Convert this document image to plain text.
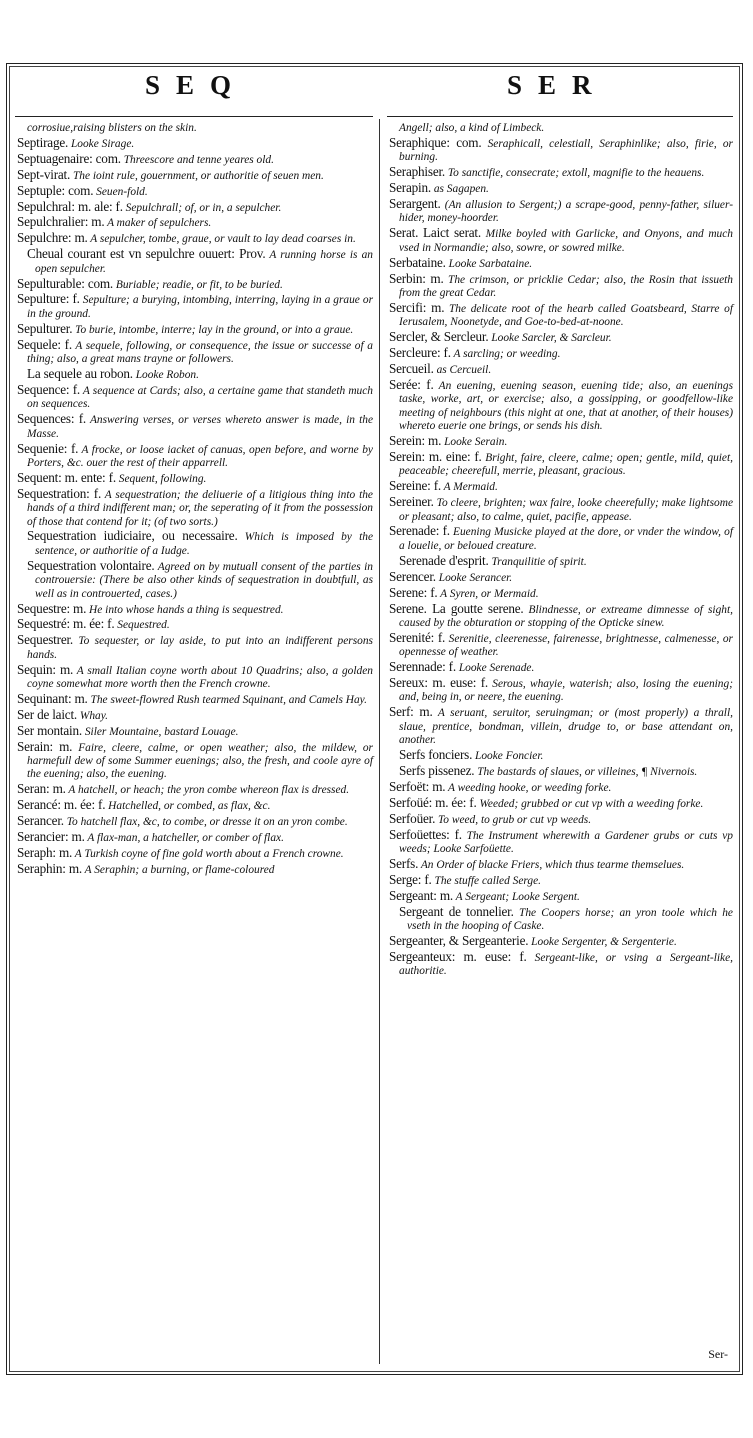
SEQ	SER

corrosiue,raising blisters on the skin.

Septirage. Looke Sirage.

Septuagenaire: com. Threescore and tenne yeares old.

Sept-virat. The ioint rule, gouernment, or authoritie of seuen men.

Septuple: com. Seuen-fold.

Sepulchral: m. ale: f. Sepulchrall; of, or in, a sepulcher.

Sepulchralier: m. A maker of sepulchers.

Sepulchre: m. A sepulcher, tombe, graue, or vault to lay dead coarses in.

Cheual courant est vn sepulchre ouuert: Prov. A running horse is an open sepulcher.

Sepulturable: com. Buriable; readie, or fit, to be buried.

Sepulture: f. Sepulture; a burying, intombing, interring, laying in a graue or in the ground.

Sepulturer. To burie, intombe, interre; lay in the ground, or into a graue.

Sequele: f. A sequele, following, or consequence, the issue or successe of a thing; also, a great mans trayne or followers.

La sequele au robon. Looke Robon.

Sequence: f. A sequence at Cards; also, a certaine game that standeth much on sequences.

Sequences: f. Answering verses, or verses whereto answer is made, in the Masse.

Sequenie: f. A frocke, or loose iacket of canuas, open before, and worne by Porters, &c. ouer the rest of their apparrell.

Sequent: m. ente: f. Sequent, following.

Sequestration: f. A sequestration; the deliuerie of a litigious thing into the hands of a third indifferent man; or, the seperating of it from the possession of those that contend for it; (of two sorts.)

Sequestration iudiciaire, ou necessaire. Which is imposed by the sentence, or authoritie of a Iudge.

Sequestration volontaire. Agreed on by mutuall consent of the parties in controuersie: (There be also other kinds of sequestration in doubtfull, as well as in controuerted, cases.)

Sequestre: m. He into whose hands a thing is sequestred.

Sequestré: m. ée: f. Sequestred.

Sequestrer. To sequester, or lay aside, to put into an indifferent persons hands.

Sequin: m. A small Italian coyne worth about 10 Quadrins; also, a golden coyne somewhat more worth then the French crowne.

Sequinant: m. The sweet-flowred Rush tearmed Squinant, and Camels Hay.

Ser de laict. Whay.

Ser montain. Siler Mountaine, bastard Louage.

Serain: m. Faire, cleere, calme, or open weather; also, the mildew, or harmefull dew of some Summer euenings; also, the fresh, and coole ayre of the euening; also, the euening.

Seran: m. A hatchell, or heach; the yron combe whereon flax is dressed.

Serancé: m. ée: f. Hatchelled, or combed, as flax, &c.

Serancer. To hatchell flax, &c, to combe, or dresse it on an yron combe.

Serancier: m. A flax-man, a hatcheller, or comber of flax.

Seraph: m. A Turkish coyne of fine gold worth about a French crowne.

Seraphin: m. A Seraphin; a burning, or flame-coloured

Angell; also, a kind of Limbeck.

Seraphique: com. Seraphicall, celestiall, Seraphinlike; also, firie, or burning.

Seraphiser. To sanctifie, consecrate; extoll, magnifie to the heauens.

Serapin. as Sagapen.

Serargent. (An allusion to Sergent;) a scrape-good, penny-father, siluer-hider, money-hoorder.

Serat. Laict serat. Milke boyled with Garlicke, and Onyons, and much vsed in Normandie; also, sowre, or sowred milke.

Serbataine. Looke Sarbataine.

Serbin: m. The crimson, or pricklie Cedar; also, the Rosin that issueth from the great Cedar.

Sercifi: m. The delicate root of the hearb called Goatsbeard, Starre of Ierusalem, Noonetyde, and Goe-to-bed-at-noone.

Sercler, & Sercleur. Looke Sarcler, & Sarcleur.

Sercleure: f. A sarcling; or weeding.

Sercueil. as Cercueil.

Serée: f. An euening, euening season, euening tide; also, an euenings taske, worke, art, or exercise; also, a gossipping, or goodfellow-like meeting of neighbours (this night at one, that at another, of their houses) whereto euerie one brings, or sends his dish.

Serein: m. Looke Serain.

Serein: m. eine: f. Bright, faire, cleere, calme; open; gentle, mild, quiet, peaceable; cheerefull, merrie, pleasant, gracious.

Sereine: f. A Mermaid.

Sereiner. To cleere, brighten; wax faire, looke cheerefully; make lightsome or pleasant; also, to calme, quiet, pacifie, appease.

Serenade: f. Euening Musicke played at the dore, or vnder the window, of a louelie, or beloued creature.

Serenade d'esprit. Tranquilitie of spirit.

Serencer. Looke Serancer.

Serene: f. A Syren, or Mermaid.

Serene. La goutte serene. Blindnesse, or extreame dimnesse of sight, caused by the obturation or stopping of the Opticke sinew.

Serenité: f. Serenitie, cleerenesse, fairenesse, brightnesse, calmenesse, or opennesse of weather.

Serennade: f. Looke Serenade.

Sereux: m. euse: f. Serous, whayie, waterish; also, losing the euening; and, being in, or neere, the euening.

Serf: m. A seruant, seruitor, seruingman; or (most properly) a thrall, slaue, prentice, bondman, villein, drudge to, or base attendant on, another.

Serfs fonciers. Looke Foncier.

Serfs pissenez. The bastards of slaues, or villeines, ¶ Nivernois.

Serfoët: m. A weeding hooke, or weeding forke.

Serfoüé: m. ée: f. Weeded; grubbed or cut vp with a weeding forke.

Serfoüer. To weed, to grub or cut vp weeds.

Serfoüettes: f. The Instrument wherewith a Gardener grubs or cuts vp weeds; Looke Sarfoüette.

Serfs. An Order of blacke Friers, which thus tearme themselues.

Serge: f. The stuffe called Serge.

Sergeant: m. A Sergeant; Looke Sergent.

Sergeant de tonnelier. The Coopers horse; an yron toole which he vseth in the hooping of Caske.

Sergeanter, & Sergeanterie. Looke Sergenter, & Sergenterie.

Sergeanteux: m. euse: f. Sergeant-like, or vsing a Sergeant-like, authoritie.

Ser-
